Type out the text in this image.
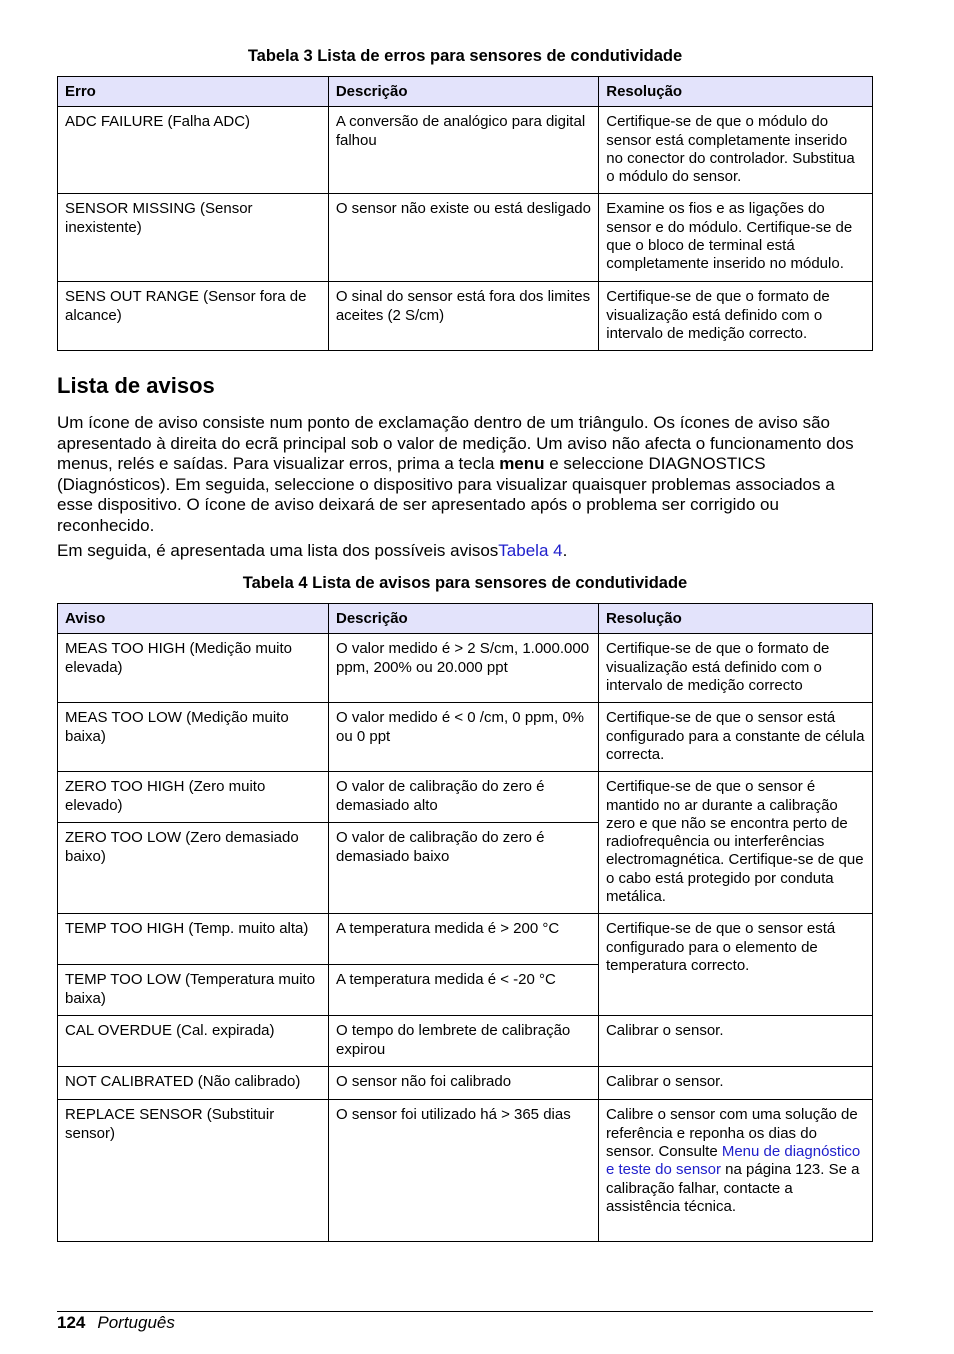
Tabela 3 Lista de erros para sensores de condutividade
Erro	Descrição	Resolução
ADC FAILURE (Falha ADC)	A conversão de analógico para digital falhou	Certifique-se de que o módulo do sensor está completamente inserido no conector do controlador. Substitua o módulo do sensor.
SENSOR MISSING (Sensor inexistente)	O sensor não existe ou está desligado	Examine os fios e as ligações do sensor e do módulo. Certifique-se de que o bloco de terminal está completamente inserido no módulo.
SENS OUT RANGE (Sensor fora de alcance)	O sinal do sensor está fora dos limites aceites (2 S/cm)	Certifique-se de que o formato de visualização está definido com o intervalo de medição correcto.
Lista de avisos

Um ícone de aviso consiste num ponto de exclamação dentro de um triângulo. Os ícones de aviso são apresentado à direita do ecrã principal sob o valor de medição. Um aviso não afecta o funcionamento dos menus, relés e saídas. Para visualizar erros, prima a tecla menu e seleccione DIAGNOSTICS (Diagnósticos). Em seguida, seleccione o dispositivo para visualizar quaisquer problemas associados a esse dispositivo. O ícone de aviso deixará de ser apresentado após o problema ser corrigido ou reconhecido.

Em seguida, é apresentada uma lista dos possíveis avisosTabela 4.

Tabela 4 Lista de avisos para sensores de condutividade
Aviso	Descrição	Resolução
MEAS TOO HIGH (Medição muito elevada)	O valor medido é > 2 S/cm, 1.000.000 ppm, 200% ou 20.000 ppt	Certifique-se de que o formato de visualização está definido com o intervalo de medição correcto
MEAS TOO LOW (Medição muito baixa)	O valor medido é < 0 /cm, 0 ppm, 0% ou 0 ppt	Certifique-se de que o sensor está configurado para a constante de célula correcta.
ZERO TOO HIGH (Zero muito elevado)	O valor de calibração do zero é demasiado alto	Certifique-se de que o sensor é mantido no ar durante a calibração zero e que não se encontra perto de radiofrequência ou interferências electromagnética. Certifique-se de que o cabo está protegido por conduta metálica.
ZERO TOO LOW (Zero demasiado baixo)	O valor de calibração do zero é demasiado baixo	
TEMP TOO HIGH (Temp. muito alta)	A temperatura medida é > 200 °C	Certifique-se de que o sensor está configurado para o elemento de temperatura correcto.
TEMP TOO LOW (Temperatura muito baixa)	A temperatura medida é < -20 °C	
CAL OVERDUE (Cal. expirada)	O tempo do lembrete de calibração expirou	Calibrar o sensor.
NOT CALIBRATED (Não calibrado)	O sensor não foi calibrado	Calibrar o sensor.
REPLACE SENSOR (Substituir sensor)	O sensor foi utilizado há > 365 dias	Calibre o sensor com uma solução de referência e reponha os dias do sensor. Consulte Menu de diagnóstico e teste do sensor na página 123. Se a calibração falhar, contacte a assistência técnica.
124 Português
